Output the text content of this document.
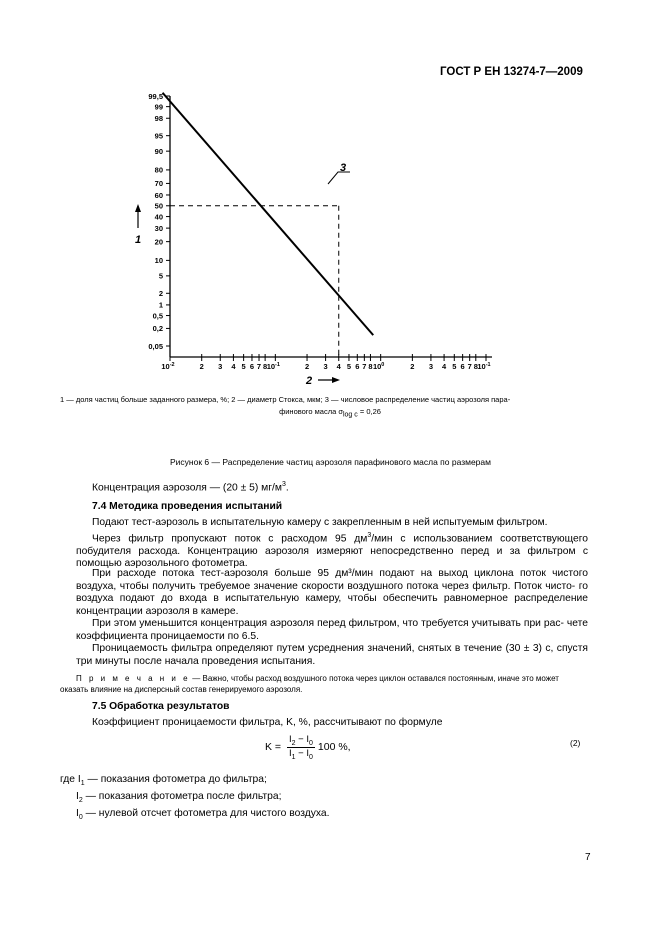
ГОСТ Р ЕН 13274-7—2009
99,5
99
98
95
90
80
70
60
50
40
30
20
10
5
2
1
0,5
0,2
0,05
$10^{-2}$	2 3 4 5 6 7 8 $10^{-1}$	2 3 4 5 6 7 8 $10^0$	2 3 4 5 6 7 8 $10^{-1}$
3
1
2
1 — доля частиц больше заданного размера, %; 2 — диаметр Стокса, мкм; 3 — числовое распределение частиц аэрозоля пара-
финового масла $\sigma_{log c} = 0,26$
Рисунок 6 — Распределение частиц аэрозоля парафинового масла по размерам
Концентрация аэрозоля — (20 ± 5) $мг/м^3$.
7.4 Методика проведения испытаний
Подают тест-аэрозоль в испытательную камеру с закрепленным в ней испытуемым фильтром.
Через фильтр пропускают поток с расходом 95 $дм^3$/мин с использованием соответствующего побудителя расхода. Концентрацию аэрозоля измеряют непосредственно перед и за фильтром с помощью аэрозольного фотометра.
При расходе потока тест-аэрозоля больше 95 дм³/мин подают на выход циклона поток чистого воздуха, чтобы получить требуемое значение скорости воздушного потока через фильтр. Поток чисто- го воздуха подают до входа в испытательную камеру, чтобы обеспечить равномерное распределение концентрации аэрозоля в камере.
При этом уменьшится концентрация аэрозоля перед фильтром, что требуется учитывать при рас- чете коэффициента проницаемости по 6.5.
Проницаемость фильтра определяют путем усреднения значений, снятых в течение (30 ± 3) с, спустя три минуты после начала проведения испытания.
П р и м е ч а н и е — Важно, чтобы расход воздушного потока через циклон оставался постоянным, иначе это может оказать влияние на дисперсный состав генерируемого аэрозоля.
7.5 Обработка результатов
Коэффициент проницаемости фильтра, K, %, рассчитывают по формуле
$K = \frac{I_2 - I_0}{I_1 - I_0} 100$ %,	(2)
где $I_1$ — показания фотометра до фильтра;
$I_2$ — показания фотометра после фильтра;
$I_0$ — нулевой отсчет фотометра для чистого воздуха.
7
